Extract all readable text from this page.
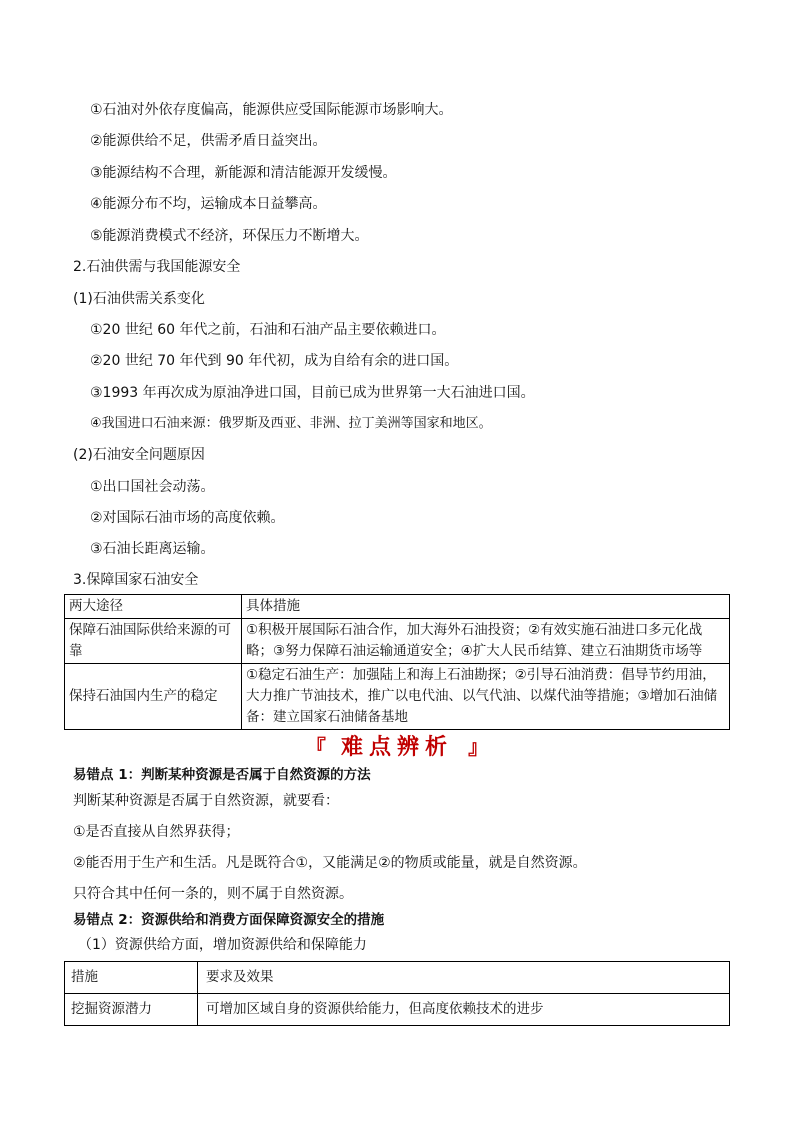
①石油对外依存度偏高，能源供应受国际能源市场影响大。
②能源供给不足，供需矛盾日益突出。
③能源结构不合理，新能源和清洁能源开发缓慢。
④能源分布不均，运输成本日益攀高。
⑤能源消费模式不经济，环保压力不断增大。
2.石油供需与我国能源安全
(1)石油供需关系变化
①20 世纪 60 年代之前，石油和石油产品主要依赖进口。
②20 世纪 70 年代到 90 年代初，成为自给有余的进口国。
③1993 年再次成为原油净进口国，目前已成为世界第一大石油进口国。
④我国进口石油来源：俄罗斯及西亚、非洲、拉丁美洲等国家和地区。
(2)石油安全问题原因
①出口国社会动荡。
②对国际石油市场的高度依赖。
③石油长距离运输。
3.保障国家石油安全
两大途径	具体措施
保障石油国际供给来源的可靠	①积极开展国际石油合作，加大海外石油投资；②有效实施石油进口多元化战略；③努力保障石油运输通道安全；④扩大人民币结算、建立石油期货市场等
保持石油国内生产的稳定	①稳定石油生产：加强陆上和海上石油勘探；②引导石油消费：倡导节约用油，大力推广节油技术，推广以电代油、以气代油、以煤代油等措施；③增加石油储备：建立国家石油储备基地
『 难点辨析 』
易错点 1：判断某种资源是否属于自然资源的方法
判断某种资源是否属于自然资源，就要看：
①是否直接从自然界获得；
②能否用于生产和生活。凡是既符合①，又能满足②的物质或能量，就是自然资源。
只符合其中任何一条的，则不属于自然资源。
易错点 2：资源供给和消费方面保障资源安全的措施
（1）资源供给方面，增加资源供给和保障能力
措施	要求及效果
挖掘资源潜力	可增加区域自身的资源供给能力，但高度依赖技术的进步
